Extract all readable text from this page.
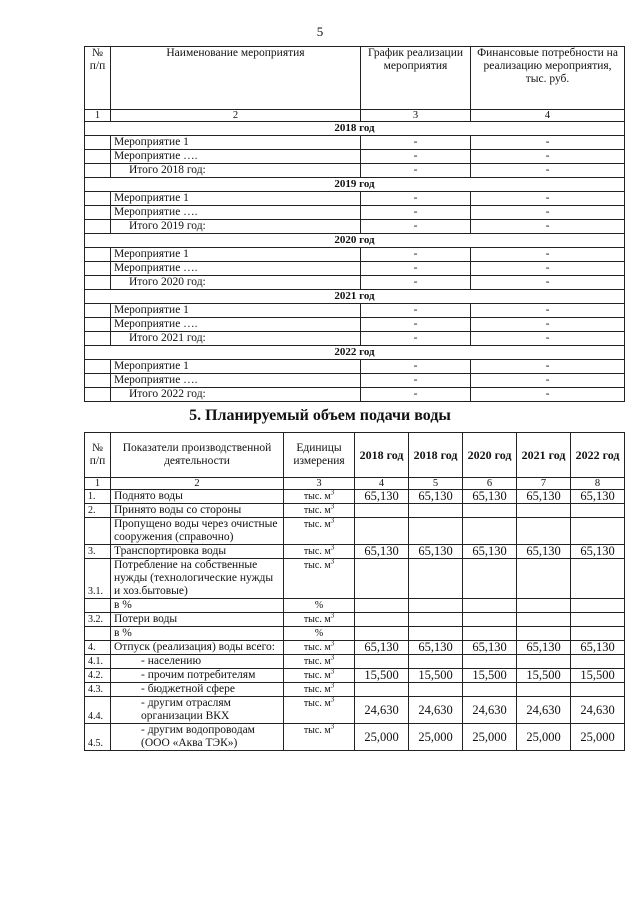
5
№ п/п	Наименование мероприятия	График реализации мероприятия	Финансовые потребности на реализацию мероприятия, тыс. руб.
1	2	3	4
2018 год			
	Мероприятие 1	-	-
	Мероприятие ….	-	-
	Итого 2018 год:	-	-
2019 год			
	Мероприятие 1	-	-
	Мероприятие ….	-	-
	Итого 2019 год:	-	-
2020 год			
	Мероприятие 1	-	-
	Мероприятие ….	-	-
	Итого 2020 год:	-	-
2021 год			
	Мероприятие 1	-	-
	Мероприятие ….	-	-
	Итого 2021 год:	-	-
2022 год			
	Мероприятие 1	-	-
	Мероприятие ….	-	-
	Итого 2022 год:	-	-
5. Планируемый объем подачи воды
№ п/п	Показатели производственной деятельности	Единицы измерения	2018 год	2018 год	2020 год	2021 год	2022 год
1	2	3	4	5	6	7	8
1.	Поднято воды	тыс. $м^3$	65,130	65,130	65,130	65,130	65,130
2.	Принято воды со стороны	тыс. $м^3$					
	Пропущено воды через очистные сооружения (справочно)	тыс. $м^3$					
3.	Транспортировка воды	тыс. $м^3$	65,130	65,130	65,130	65,130	65,130
3.1.	Потребление на собственные нужды (технологические нужды и хоз.бытовые)	тыс. $м^3$					
	в %	%					
3.2.	Потери воды	тыс. $м^3$					
	в %	%					
4.	Отпуск (реализация) воды всего:	тыс. $м^3$	65,130	65,130	65,130	65,130	65,130
4.1.	- населению	тыс. $м^3$					
4.2.	- прочим потребителям	тыс. $м^3$	15,500	15,500	15,500	15,500	15,500
4.3.	- бюджетной сфере	тыс. $м^3$					
4.4.	- другим отраслям организации ВКХ	тыс. $м^3$	24,630	24,630	24,630	24,630	24,630
4.5.	- другим водопроводам (ООО «Аква ТЭК»)	тыс. $м^3$	25,000	25,000	25,000	25,000	25,000
